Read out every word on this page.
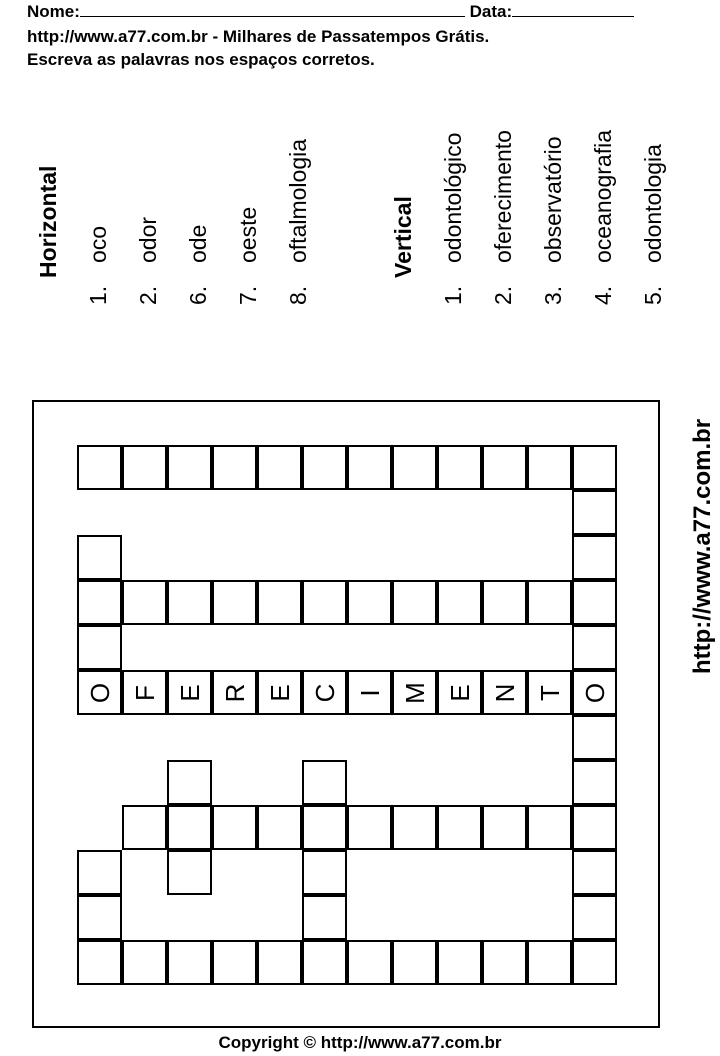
Nome:	Data:
http://www.a77.com.br - Milhares de Passatempos Grátis.
Escreva as palavras nos espaços corretos.
Horizontal
1.oco
2.odor
6.ode
7.oeste
8.oftalmologia	Vertical
1.odontológico
2.oferecimento
3.observatório
4.oceanografia
5.odontologia
http://www.a77.com.br
O F E R E C I M E N T O
Copyright © http://www.a77.com.br
